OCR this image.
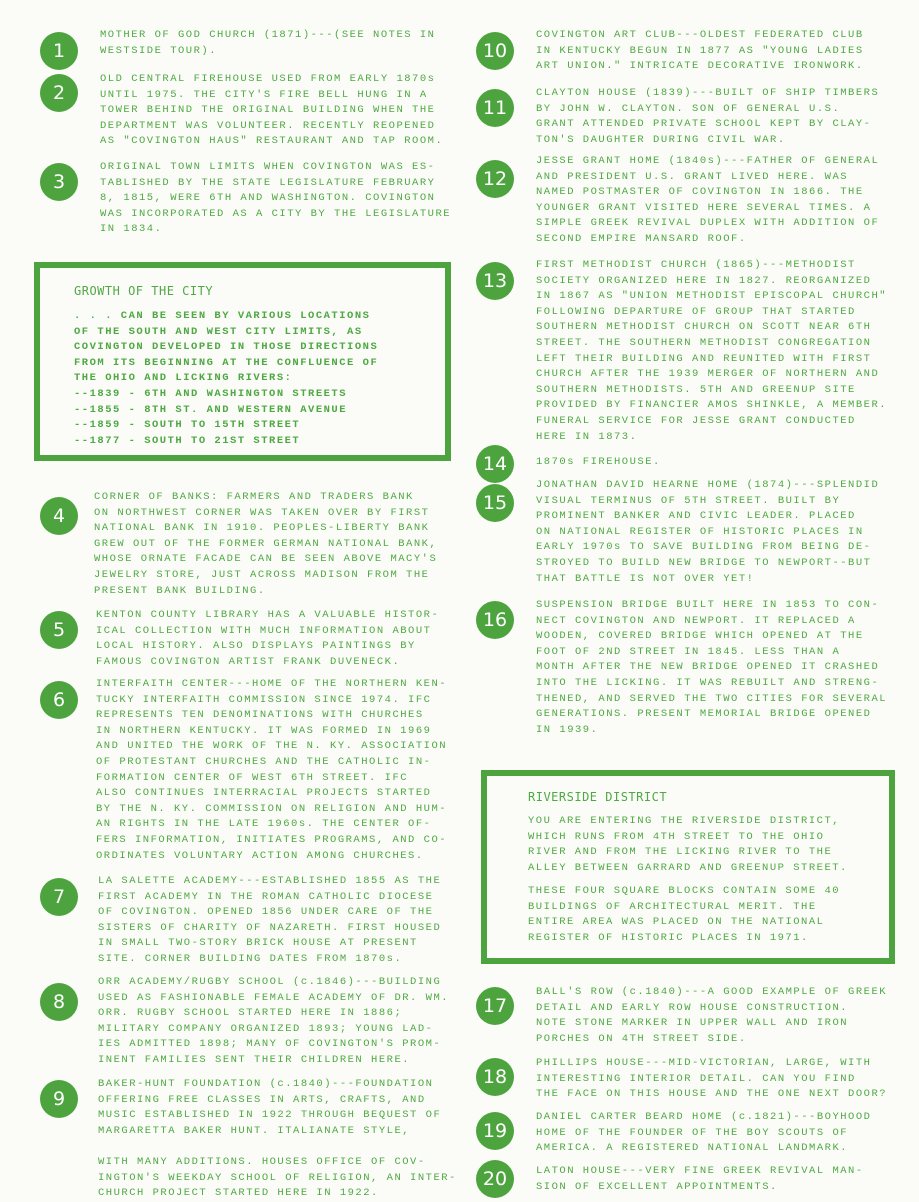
1
MOTHER OF GOD CHURCH (1871)---(SEE NOTES IN
WESTSIDE TOUR).
2
OLD CENTRAL FIREHOUSE USED FROM EARLY 1870s
UNTIL 1975. THE CITY'S FIRE BELL HUNG IN A
TOWER BEHIND THE ORIGINAL BUILDING WHEN THE
DEPARTMENT WAS VOLUNTEER. RECENTLY REOPENED
AS "COVINGTON HAUS" RESTAURANT AND TAP ROOM.
3
ORIGINAL TOWN LIMITS WHEN COVINGTON WAS ES-
TABLISHED BY THE STATE LEGISLATURE FEBRUARY
8, 1815, WERE 6TH AND WASHINGTON. COVINGTON
WAS INCORPORATED AS A CITY BY THE LEGISLATURE
IN 1834.
GROWTH OF THE CITY
. . . CAN BE SEEN BY VARIOUS LOCATIONS
OF THE SOUTH AND WEST CITY LIMITS, AS
COVINGTON DEVELOPED IN THOSE DIRECTIONS
FROM ITS BEGINNING AT THE CONFLUENCE OF
THE OHIO AND LICKING RIVERS:
--1839 - 6TH AND WASHINGTON STREETS
--1855 - 8TH ST. AND WESTERN AVENUE
--1859 - SOUTH TO 15TH STREET
--1877 - SOUTH TO 21ST STREET
4
CORNER OF BANKS: FARMERS AND TRADERS BANK
ON NORTHWEST CORNER WAS TAKEN OVER BY FIRST
NATIONAL BANK IN 1910. PEOPLES-LIBERTY BANK
GREW OUT OF THE FORMER GERMAN NATIONAL BANK,
WHOSE ORNATE FACADE CAN BE SEEN ABOVE MACY'S
JEWELRY STORE, JUST ACROSS MADISON FROM THE
PRESENT BANK BUILDING.
5
KENTON COUNTY LIBRARY HAS A VALUABLE HISTOR-
ICAL COLLECTION WITH MUCH INFORMATION ABOUT
LOCAL HISTORY. ALSO DISPLAYS PAINTINGS BY
FAMOUS COVINGTON ARTIST FRANK DUVENECK.
6
INTERFAITH CENTER---HOME OF THE NORTHERN KEN-
TUCKY INTERFAITH COMMISSION SINCE 1974. IFC
REPRESENTS TEN DENOMINATIONS WITH CHURCHES
IN NORTHERN KENTUCKY. IT WAS FORMED IN 1969
AND UNITED THE WORK OF THE N. KY. ASSOCIATION
OF PROTESTANT CHURCHES AND THE CATHOLIC IN-
FORMATION CENTER OF WEST 6TH STREET. IFC
ALSO CONTINUES INTERRACIAL PROJECTS STARTED
BY THE N. KY. COMMISSION ON RELIGION AND HUM-
AN RIGHTS IN THE LATE 1960s. THE CENTER OF-
FERS INFORMATION, INITIATES PROGRAMS, AND CO-
ORDINATES VOLUNTARY ACTION AMONG CHURCHES.
7
LA SALETTE ACADEMY---ESTABLISHED 1855 AS THE
FIRST ACADEMY IN THE ROMAN CATHOLIC DIOCESE
OF COVINGTON. OPENED 1856 UNDER CARE OF THE
SISTERS OF CHARITY OF NAZARETH. FIRST HOUSED
IN SMALL TWO-STORY BRICK HOUSE AT PRESENT
SITE. CORNER BUILDING DATES FROM 1870s.
8
ORR ACADEMY/RUGBY SCHOOL (c.1846)---BUILDING
USED AS FASHIONABLE FEMALE ACADEMY OF DR. WM.
ORR. RUGBY SCHOOL STARTED HERE IN 1886;
MILITARY COMPANY ORGANIZED 1893; YOUNG LAD-
IES ADMITTED 1898; MANY OF COVINGTON'S PROM-
INENT FAMILIES SENT THEIR CHILDREN HERE.
9
BAKER-HUNT FOUNDATION (c.1840)---FOUNDATION
OFFERING FREE CLASSES IN ARTS, CRAFTS, AND
MUSIC ESTABLISHED IN 1922 THROUGH BEQUEST OF
MARGARETTA BAKER HUNT. ITALIANATE STYLE,

WITH MANY ADDITIONS. HOUSES OFFICE OF COV-
INGTON'S WEEKDAY SCHOOL OF RELIGION, AN INTER-
CHURCH PROJECT STARTED HERE IN 1922.
10
COVINGTON ART CLUB---OLDEST FEDERATED CLUB
IN KENTUCKY BEGUN IN 1877 AS "YOUNG LADIES
ART UNION." INTRICATE DECORATIVE IRONWORK.
11
CLAYTON HOUSE (1839)---BUILT OF SHIP TIMBERS
BY JOHN W. CLAYTON. SON OF GENERAL U.S.
GRANT ATTENDED PRIVATE SCHOOL KEPT BY CLAY-
TON'S DAUGHTER DURING CIVIL WAR.
12
JESSE GRANT HOME (1840s)---FATHER OF GENERAL
AND PRESIDENT U.S. GRANT LIVED HERE. WAS
NAMED POSTMASTER OF COVINGTON IN 1866. THE
YOUNGER GRANT VISITED HERE SEVERAL TIMES. A
SIMPLE GREEK REVIVAL DUPLEX WITH ADDITION OF
SECOND EMPIRE MANSARD ROOF.
13
FIRST METHODIST CHURCH (1865)---METHODIST
SOCIETY ORGANIZED HERE IN 1827. REORGANIZED
IN 1867 AS "UNION METHODIST EPISCOPAL CHURCH"
FOLLOWING DEPARTURE OF GROUP THAT STARTED
SOUTHERN METHODIST CHURCH ON SCOTT NEAR 6TH
STREET. THE SOUTHERN METHODIST CONGREGATION
LEFT THEIR BUILDING AND REUNITED WITH FIRST
CHURCH AFTER THE 1939 MERGER OF NORTHERN AND
SOUTHERN METHODISTS. 5TH AND GREENUP SITE
PROVIDED BY FINANCIER AMOS SHINKLE, A MEMBER.
FUNERAL SERVICE FOR JESSE GRANT CONDUCTED
HERE IN 1873.
14	1870s FIREHOUSE.
15
JONATHAN DAVID HEARNE HOME (1874)---SPLENDID
VISUAL TERMINUS OF 5TH STREET. BUILT BY
PROMINENT BANKER AND CIVIC LEADER. PLACED
ON NATIONAL REGISTER OF HISTORIC PLACES IN
EARLY 1970s TO SAVE BUILDING FROM BEING DE-
STROYED TO BUILD NEW BRIDGE TO NEWPORT--BUT
THAT BATTLE IS NOT OVER YET!
16
SUSPENSION BRIDGE BUILT HERE IN 1853 TO CON-
NECT COVINGTON AND NEWPORT. IT REPLACED A
WOODEN, COVERED BRIDGE WHICH OPENED AT THE
FOOT OF 2ND STREET IN 1845. LESS THAN A
MONTH AFTER THE NEW BRIDGE OPENED IT CRASHED
INTO THE LICKING. IT WAS REBUILT AND STRENG-
THENED, AND SERVED THE TWO CITIES FOR SEVERAL
GENERATIONS. PRESENT MEMORIAL BRIDGE OPENED
IN 1939.
RIVERSIDE DISTRICT
YOU ARE ENTERING THE RIVERSIDE DISTRICT,
WHICH RUNS FROM 4TH STREET TO THE OHIO
RIVER AND FROM THE LICKING RIVER TO THE
ALLEY BETWEEN GARRARD AND GREENUP STREET.
THESE FOUR SQUARE BLOCKS CONTAIN SOME 40
BUILDINGS OF ARCHITECTURAL MERIT. THE
ENTIRE AREA WAS PLACED ON THE NATIONAL
REGISTER OF HISTORIC PLACES IN 1971.
17
BALL'S ROW (c.1840)---A GOOD EXAMPLE OF GREEK
DETAIL AND EARLY ROW HOUSE CONSTRUCTION.
NOTE STONE MARKER IN UPPER WALL AND IRON
PORCHES ON 4TH STREET SIDE.
18
PHILLIPS HOUSE---MID-VICTORIAN, LARGE, WITH
INTERESTING INTERIOR DETAIL. CAN YOU FIND
THE FACE ON THIS HOUSE AND THE ONE NEXT DOOR?
19
DANIEL CARTER BEARD HOME (c.1821)---BOYHOOD
HOME OF THE FOUNDER OF THE BOY SCOUTS OF
AMERICA. A REGISTERED NATIONAL LANDMARK.
20	LATON HOUSE---VERY FINE GREEK REVIVAL MAN-
SION OF EXCELLENT APPOINTMENTS.
